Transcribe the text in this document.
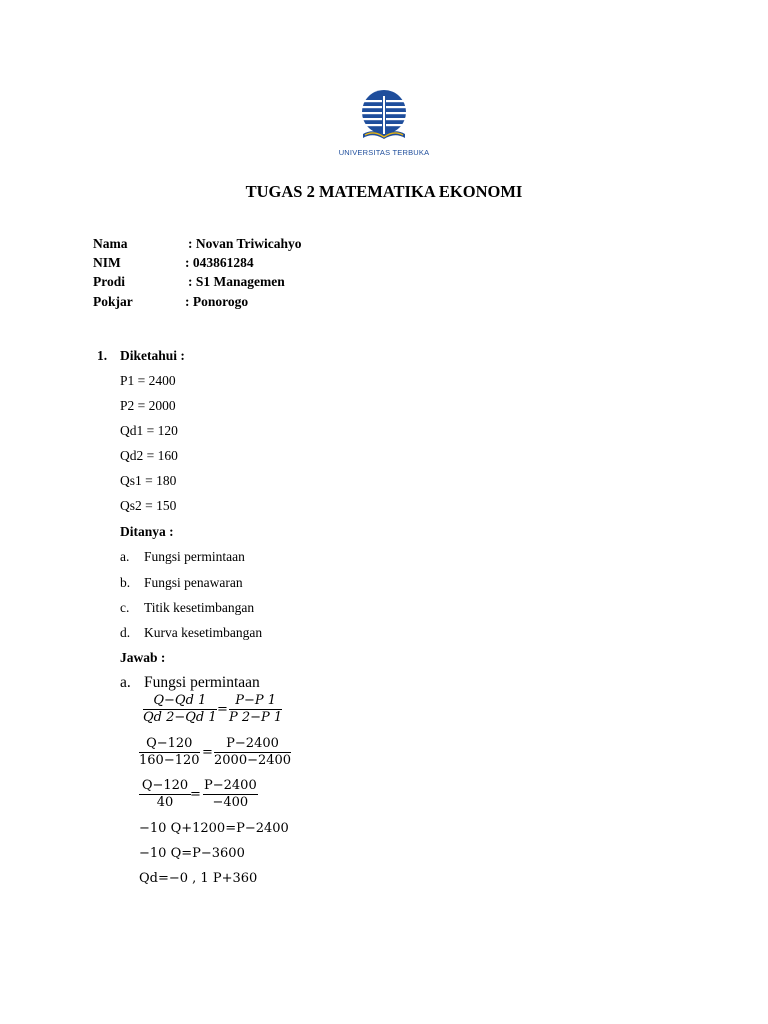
UNIVERSITAS TERBUKA
TUGAS 2 MATEMATIKA EKONOMI
Nama	: Novan Triwicahyo
NIM	: 043861284
Prodi	: S1 Managemen
Pokjar	: Ponorogo
1. Diketahui :
P1 = 2400
P2 = 2000
Qd1 = 120
Qd2 = 160
Qs1 = 180
Qs2 = 150
Ditanya :
a. Fungsi permintaan
b. Fungsi penawaran
c. Titik kesetimbangan
d. Kurva kesetimbangan
Jawab :
a. Fungsi permintaan
$\frac{Q-Qd 1}{Qd 2-Qd 1} = \frac{P-P 1}{P 2-P 1}$
$\frac{Q-120}{160-120} = \frac{P-2400}{2000-2400}$
$\frac{Q-120}{40} = \frac{P-2400}{-400}$
−10 Q+1200=P−2400
−10 Q=P−3600
Qd=−0 , 1 P+360
